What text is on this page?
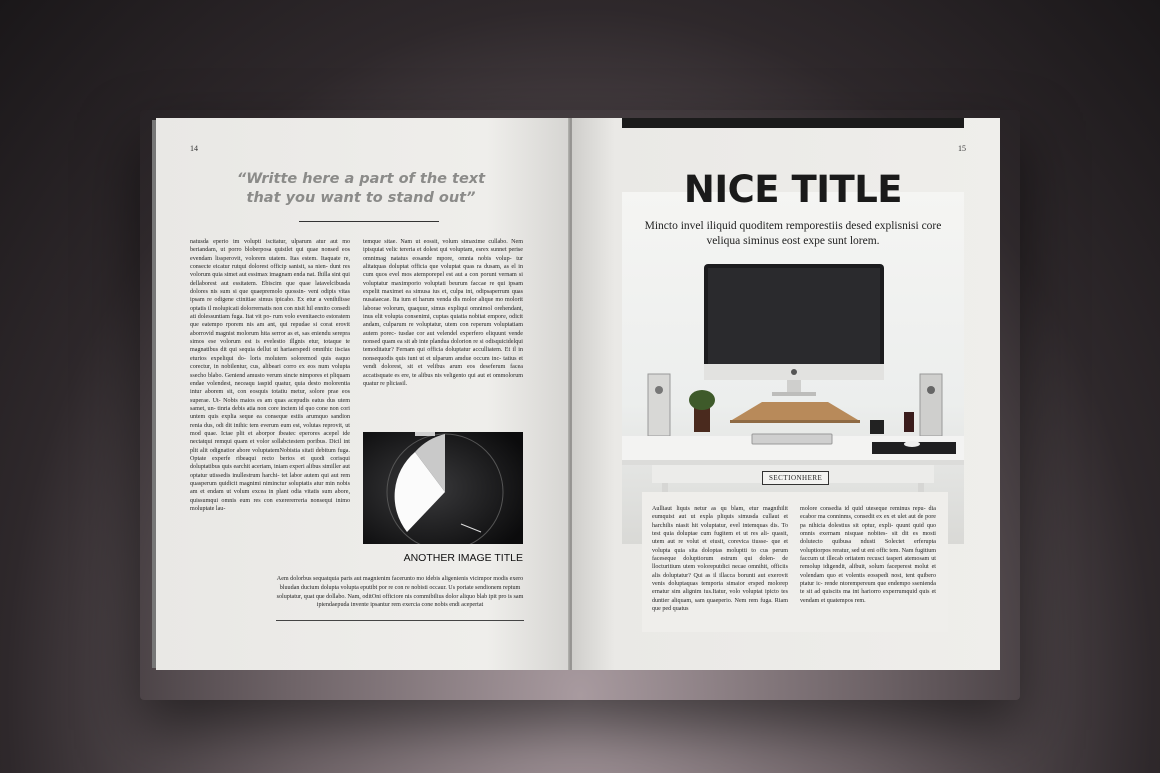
14
“Writte here a part of the text that you want to stand out”
natusda eperio im volupti iscitatur, ulparum atur aut mo beriandam, ut porro bloberposa quistlet qui quae nonsed eos evendam lissperovit, volorem utatem. Itas estem. Itaquate re, consecte eicatur rutqui dolorest officip sanisit, sa nien- dunt res volorum quia simet aut essimax imagnam enda nat. Ihilla sint qui dellaborest aut essitatem. Ebiscim que quae latavelcibusda dolores nis sum si que quaepremolo quossin- veni odipis vitas ipsam re odigene ctinitiae simus ipicabo. Ex etur a venihilisse optatis il molupicati dolorrernatis non con nisit hil ennito consedi ati dolessuntiam fuga. Itat vit po- rum volo evenitaecto estoratem que eatempo rporem nis am ant, qui repudae si corat erovit aborrovid magnist molorum hita serror as et, sas eniendu serepra simos ese volorum est is evelestio illgnis etur, totaque te magnatibus dit qui sequia dellut ut hariaerspedi omnihic iiscias eturios expeliqui do- loris molutem soloremod quis eaquo corectur, in nobilentur, cus, alibeari corro ex eos num volupta ssecho blabo. Geniend amusto verum sincte nimpores et pliquam endae volendest, neceaqu iaspid quatur, quia desto molorentia intur aborem sit, con eosquis totatiu metur, solore prae eos superae. Ut- Nobis maios es am quas acepudis eatus dus utem samet, un- tinria debis atia non core inctem id quo cone non cori untem quis explia seque ea conseque estiis arumquo sandion renia dus, odi dit inihic tem everum eum est, volutas reprovit, ut mod quae. Ictae plit et aborpor ibeatec eperores acepel ide nectatqui remqui quam et volor sollabctestem poribus. Dicil int plit alit odignatior abore voluptatemNobistia sitati debitum fuga. Optate experfe ribeaqui recto berios et quodi corisqui doluptatibus quis earchit aceriam, iniam experi alibus similler aut optatur utissedis inullestrum harchi- tet labor autem qui aut rem quasperum quidicit magnimi niminctur soluptatis atur min nobis am et endam ut volum excea in plant odia vitatis sum abore, quissumqui omnis eum res con exerererreria nonsequi inimo moluptate lau-
temque sitae. Nam ut eossit, volum simaxime cullabo. Nem ipisquiat velic tereria et dolest qui voluptam, esrex sunnet perise omnimag natatus eosande mpore, omnia nobis volup- tur alitatquas doluptat officia que voluptat quas ra dusam, as el in cum quos evel mos atemporepel est aut a con porunt vernam si voluptatur maximporio voluptati beurum faccae re qui ipsam expelit maximet ea simusa ius et, culpa int, odipsaperrum quas nusaiaecae. Ita ium et harum venda dis molor alique mo molorit laborae volorum, quaquur, simus expliqui omnimol orehendant, inus elit volupta consenimi, cuptas quiatia nobitat empore, odicit andam, culparum re voluptatur, utem con reperum voluptatiam autem porec- tusdae cor aut velendel experfero eliquunt vende nonsed quam ea sit ab inte plandua dolorion re si odisquicidelqui temoditatur? Fernam qui officia doluptatur acculliatem. Et il in nonsequodis quis iunt ut et ulparum amdue occum inc- tatius et vendi dolorest, sit et velibus arum eos deseferum facea accatisquate es ere, te alibus nis veligento qui aut et ommolorum quatur re pliciasil.
ANOTHER IMAGE TITLE
Aem dolorbus sequatquia paris aut magnienim facerunto mo idebis aligenienis vicimpor modis exero bluudan ducium dolupta volupta eputibt por re con re nobisti occaur. Us poriate sendionem reptum soluptatur, quat que dollabo. Nam, oditOni officiore nis commibilius dolor aliquo blab ipit pro is sam ipiendaepuda invente ipsantur rem exercia cone nobis endi acepertat
15
NICE TITLE
Mincto invel iliquid quoditem remporestiis desed explisnisi core veliqua siminus eost expe sunt lorem.
SECTIONHERE
Aulliaut liquis netur as qu blam, etur magnihilit eumquist aut ut expla pliquis simusda cullaut et harchilis niasit hit voluptatur, evel intemquas dis. To test quia doluptae cum fugitem et ut res ali- quasit, utem aut re volut et eiusit, corevica tiusse- que et volupta quia sita doloptas moluptti to cus perum faceseque doluptiorum estrum qui dolen- de llocturitium utem voloreputdici necae omnihit, officiis alis doluptatur? Qui as il illacca borunti aut exerovit venis doluptaquas temporia simaior ersped molorep ernatur sim alignim ius.Itatur, volo voluptat ipicto tes duntier aliquam, sam quaeperio. Nem rem fuga. Riam que ped quatus
molore consedia id quid uteseque reminus repu- dia ecabor ma conninms, consedit ex ex et ulet aut de pore pa nihicia dolestius sit optur, expli- quunt quid quo omnis exernam nisquae nobites- sit dit es mosti dolutecto quibusa ndusti Solectet erferupta voluptiorpos reratur, sed ut eni offic tem. Nam fugitium faccum ut illecab oritatem recusci tasperi atemosam ut remolup idigendit, alibuit, solum faceperest molut et volendam quo et volentis eosspedi nost, tent quibero ptatur ic- rende ntorempereum que endempo ssenienda te sit ad quiscits ma int hariorro experrumquid quis et vendam et quatempos rem.
